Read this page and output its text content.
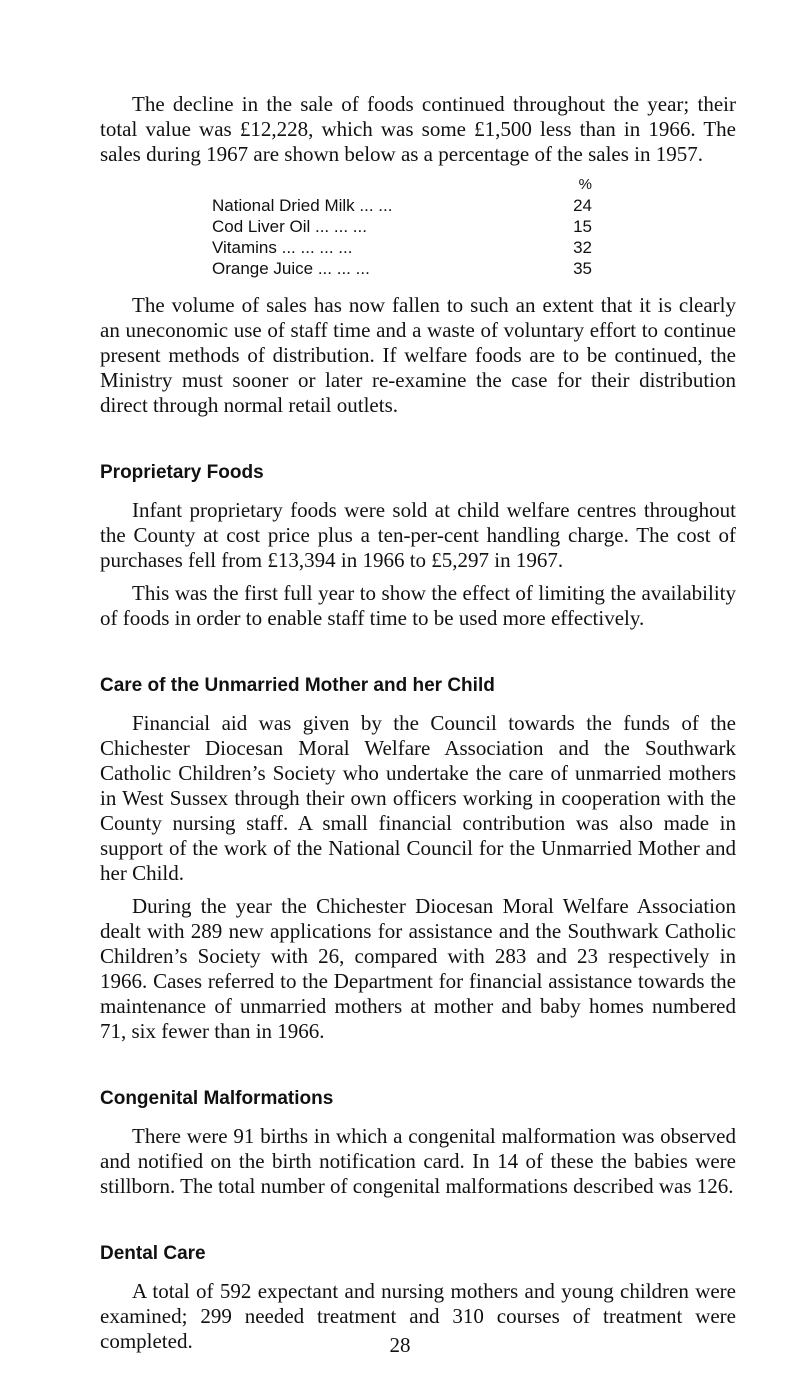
The decline in the sale of foods continued throughout the year; their total value was £12,228, which was some £1,500 less than in 1966. The sales during 1967 are shown below as a percentage of the sales in 1957.

%
National Dried Milk ... ...	24
Cod Liver Oil ... ... ...	15
Vitamins ... ... ... ...	32
Orange Juice ... ... ...	35

The volume of sales has now fallen to such an extent that it is clearly an uneconomic use of staff time and a waste of voluntary effort to continue present methods of distribution. If welfare foods are to be continued, the Ministry must sooner or later re-examine the case for their distribution direct through normal retail outlets.

Proprietary Foods

Infant proprietary foods were sold at child welfare centres throughout the County at cost price plus a ten-per-cent handling charge. The cost of purchases fell from £13,394 in 1966 to £5,297 in 1967.

This was the first full year to show the effect of limiting the availability of foods in order to enable staff time to be used more effectively.

Care of the Unmarried Mother and her Child

Financial aid was given by the Council towards the funds of the Chichester Diocesan Moral Welfare Association and the Southwark Catholic Children’s Society who undertake the care of unmarried mothers in West Sussex through their own officers working in cooperation with the County nursing staff. A small financial contribution was also made in support of the work of the National Council for the Unmarried Mother and her Child.

During the year the Chichester Diocesan Moral Welfare Association dealt with 289 new applications for assistance and the Southwark Catholic Children’s Society with 26, compared with 283 and 23 respectively in 1966. Cases referred to the Department for financial assistance towards the maintenance of unmarried mothers at mother and baby homes numbered 71, six fewer than in 1966.

Congenital Malformations

There were 91 births in which a congenital malformation was observed and notified on the birth notification card. In 14 of these the babies were stillborn. The total number of congenital malformations described was 126.

Dental Care

A total of 592 expectant and nursing mothers and young children were examined; 299 needed treatment and 310 courses of treatment were completed.	28
